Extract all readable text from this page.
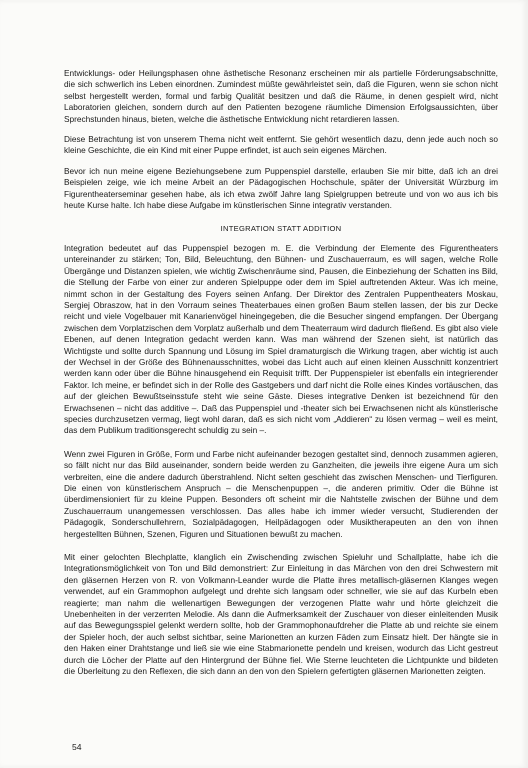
Entwicklungs- oder Heilungsphasen ohne ästhetische Resonanz erscheinen mir als partielle Förderungsabschnitte, die sich schwerlich ins Leben einordnen. Zumindest müßte gewährleistet sein, daß die Figuren, wenn sie schon nicht selbst hergestellt werden, formal und farbig Qualität besitzen und daß die Räume, in denen gespielt wird, nicht Laboratorien gleichen, sondern durch auf den Patienten bezogene räumliche Dimension Erfolgsaussichten, über Sprechstunden hinaus, bieten, welche die ästhetische Entwicklung nicht retardieren lassen.

Diese Betrachtung ist von unserem Thema nicht weit entfernt. Sie gehört wesentlich dazu, denn jede auch noch so kleine Geschichte, die ein Kind mit einer Puppe erfindet, ist auch sein eigenes Märchen.

Bevor ich nun meine eigene Beziehungsebene zum Puppenspiel darstelle, erlauben Sie mir bitte, daß ich an drei Beispielen zeige, wie ich meine Arbeit an der Pädagogischen Hochschule, später der Universität Würzburg im Figurentheaterseminar gesehen habe, als ich etwa zwölf Jahre lang Spielgruppen betreute und von wo aus ich bis heute Kurse halte. Ich habe diese Aufgabe im künstlerischen Sinne integrativ verstanden.

INTEGRATION STATT ADDITION

Integration bedeutet auf das Puppenspiel bezogen m. E. die Verbindung der Elemente des Figurentheaters untereinander zu stärken; Ton, Bild, Beleuchtung, den Bühnen- und Zuschauerraum, es will sagen, welche Rolle Übergänge und Distanzen spielen, wie wichtig Zwischenräume sind, Pausen, die Einbeziehung der Schatten ins Bild, die Stellung der Farbe von einer zur anderen Spielpuppe oder dem im Spiel auftretenden Akteur. Was ich meine, nimmt schon in der Gestaltung des Foyers seinen Anfang. Der Direktor des Zentralen Puppentheaters Moskau, Sergiej Obraszow, hat in den Vorraum seines Theaterbaues einen großen Baum stellen lassen, der bis zur Decke reicht und viele Vogelbauer mit Kanarienvögel hineingegeben, die die Besucher singend empfangen. Der Übergang zwischen dem Vorplatzischen dem Vorplatz außerhalb und dem Theaterraum wird dadurch fließend. Es gibt also viele Ebenen, auf denen Integration gedacht werden kann. Was man während der Szenen sieht, ist natürlich das Wichtigste und sollte durch Spannung und Lösung im Spiel dramaturgisch die Wirkung tragen, aber wichtig ist auch der Wechsel in der Größe des Bühnenausschnittes, wobei das Licht auch auf einen kleinen Ausschnitt konzentriert werden kann oder über die Bühne hinausgehend ein Requisit trifft. Der Puppenspieler ist ebenfalls ein integrierender Faktor. Ich meine, er befindet sich in der Rolle des Gastgebers und darf nicht die Rolle eines Kindes vortäuschen, das auf der gleichen Bewußtseinsstufe steht wie seine Gäste. Dieses integrative Denken ist bezeichnend für den Erwachsenen – nicht das additive –. Daß das Puppenspiel und -theater sich bei Erwachsenen nicht als künstlerische species durchzusetzen vermag, liegt wohl daran, daß es sich nicht vom „Addieren“ zu lösen vermag – weil es meint, das dem Publikum traditionsgerecht schuldig zu sein –.

Wenn zwei Figuren in Größe, Form und Farbe nicht aufeinander bezogen gestaltet sind, dennoch zusammen agieren, so fällt nicht nur das Bild auseinander, sondern beide werden zu Ganzheiten, die jeweils ihre eigene Aura um sich verbreiten, eine die andere dadurch überstrahlend. Nicht selten geschieht das zwischen Menschen- und Tierfiguren. Die einen von künstlerischem Anspruch – die Menschenpuppen –, die anderen primitiv. Oder die Bühne ist überdimensioniert für zu kleine Puppen. Besonders oft scheint mir die Nahtstelle zwischen der Bühne und dem Zuschauerraum unangemessen verschlossen. Das alles habe ich immer wieder versucht, Studierenden der Pädagogik, Sonderschullehrern, Sozialpädagogen, Heilpädagogen oder Musiktherapeuten an den von ihnen hergestellten Bühnen, Szenen, Figuren und Situationen bewußt zu machen.

Mit einer gelochten Blechplatte, klanglich ein Zwischending zwischen Spieluhr und Schallplatte, habe ich die Integrationsmöglichkeit von Ton und Bild demonstriert: Zur Einleitung in das Märchen von den drei Schwestern mit den gläsernen Herzen von R. von Volkmann-Leander wurde die Platte ihres metallisch-gläsernen Klanges wegen verwendet, auf ein Grammophon aufgelegt und drehte sich langsam oder schneller, wie sie auf das Kurbeln eben reagierte; man nahm die wellenartigen Bewegungen der verzogenen Platte wahr und hörte gleichzeit die Unebenheiten in der verzerrten Melodie. Als dann die Aufmerksamkeit der Zuschauer von dieser einleitenden Musik auf das Bewegungsspiel gelenkt werdern sollte, hob der Grammophonaufdreher die Platte ab und reichte sie einem der Spieler hoch, der auch selbst sichtbar, seine Marionetten an kurzen Fäden zum Einsatz hielt. Der hängte sie in den Haken einer Drahtstange und ließ sie wie eine Stabmarionette pendeln und kreisen, wodurch das Licht gestreut durch die Löcher der Platte auf den Hintergrund der Bühne fiel. Wie Sterne leuchteten die Lichtpunkte und bildeten die Überleitung zu den Reflexen, die sich dann an den von den Spielern gefertigten gläsernen Marionetten zeigten.

54
